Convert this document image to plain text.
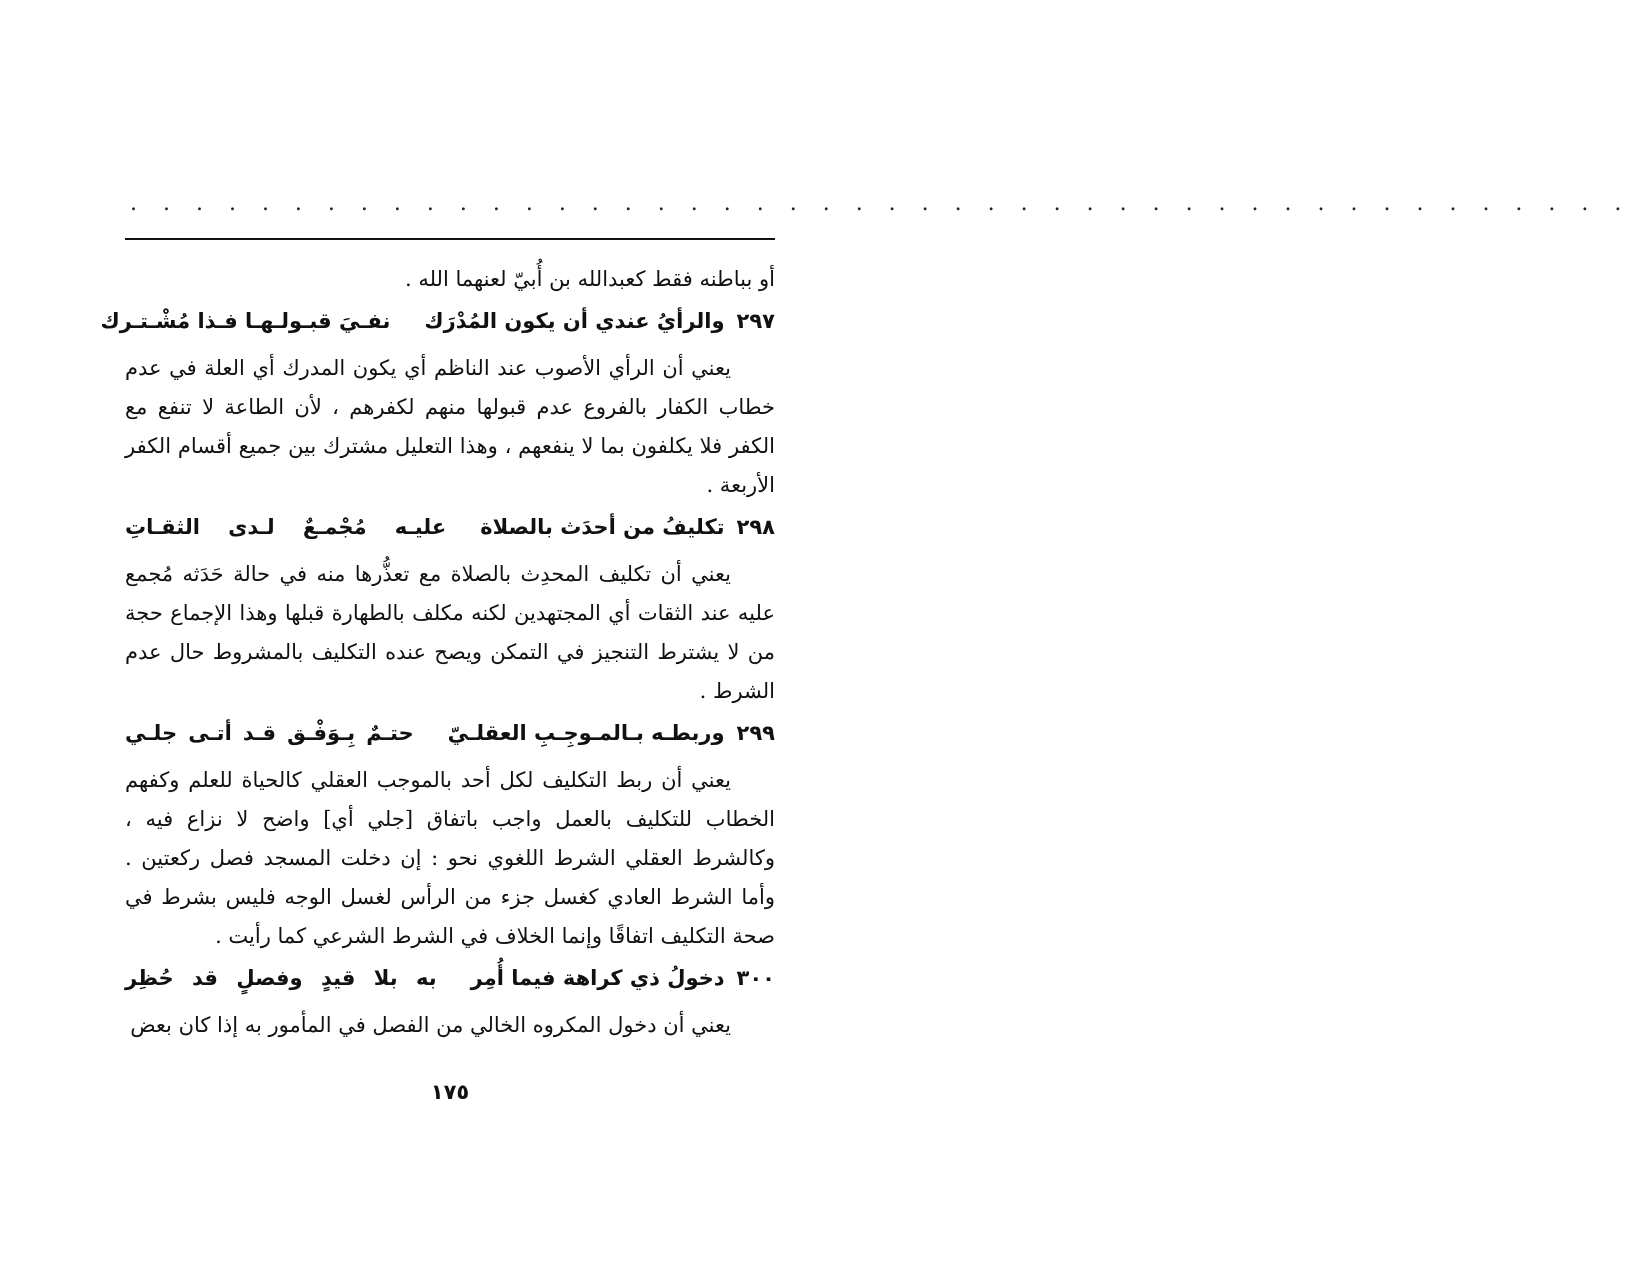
. . . . . . . . . . . . . . . . . . . . . . . . . . . . . . . . . . . . . . . . . . . . . .

أو بباطنه فقط كعبدالله بن أُبيّ لعنهما الله .

٢٩٧
والرأيُ عندي أن يكون المُدْرَك
نفـيَ قبـولـهـا فـذا مُشْـتـرك

يعني أن الرأي الأصوب عند الناظم أي يكون المدرك أي العلة في عدم خطاب الكفار بالفروع عدم قبولها منهم لكفرهم ، لأن الطاعة لا تنفع مع الكفر فلا يكلفون بما لا ينفعهم ، وهذا التعليل مشترك بين جميع أقسام الكفر الأربعة .

٢٩٨
تكليفُ من أحدَث بالصلاة
عليـه مُجْمـعٌ لـدى الثقـاتِ

يعني أن تكليف المحدِث بالصلاة مع تعذُّرها منه في حالة حَدَثه مُجمع عليه عند الثقات أي المجتهدين لكنه مكلف بالطهارة قبلها وهذا الإجماع حجة من لا يشترط التنجيز في التمكن ويصح عنده التكليف بالمشروط حال عدم الشرط .

٢٩٩
وربطـه بـالمـوجِـبِ العقلـيّ
حتـمٌ بِـوَفْـق قـد أتـى جلـي

يعني أن ربط التكليف لكل أحد بالموجب العقلي كالحياة للعلم وكفهم الخطاب للتكليف بالعمل واجب باتفاق [جلي أي] واضح لا نزاع فيه ، وكالشرط العقلي الشرط اللغوي نحو : إن دخلت المسجد فصل ركعتين . وأما الشرط العادي كغسل جزء من الرأس لغسل الوجه فليس بشرط في صحة التكليف اتفاقًا وإنما الخلاف في الشرط الشرعي كما رأيت .

٣٠٠
دخولُ ذي كراهة فيما أُمِر
به بلا قيدٍ وفصلٍ قد حُظِر

يعني أن دخول المكروه الخالي من الفصل في المأمور به إذا كان بعض

١٧٥
